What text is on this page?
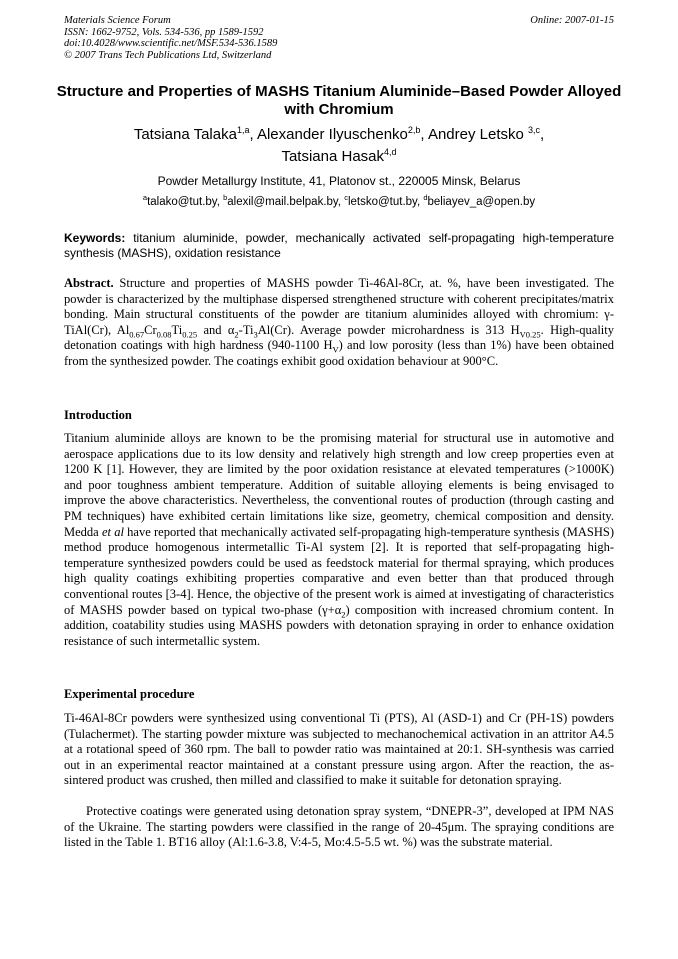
Materials Science Forum
ISSN: 1662-9752, Vols. 534-536, pp 1589-1592
doi:10.4028/www.scientific.net/MSF.534-536.1589
© 2007 Trans Tech Publications Ltd, Switzerland
Online: 2007-01-15
Structure and Properties of MASHS Titanium Aluminide–Based Powder Alloyed with Chromium
Tatsiana Talaka$^{1,a}$, Alexander Ilyuschenko$^{2,b}$, Andrey Letsko $^{3,c}$,
Tatsiana Hasak$^{4,d}$
Powder Metallurgy Institute, 41, Platonov st., 220005 Minsk, Belarus
$^a$talako@tut.by, $^b$alexil@mail.belpak.by, $^c$letsko@tut.by, $^d$beliayev_a@open.by
Keywords: titanium aluminide, powder, mechanically activated self-propagating high-temperature synthesis (MASHS), oxidation resistance
Abstract. Structure and properties of MASHS powder Ti-46Al-8Cr, at. %, have been investigated. The powder is characterized by the multiphase dispersed strengthened structure with coherent precipitates/matrix bonding. Main structural constituents of the powder are titanium aluminides alloyed with chromium: γ-TiAl(Cr), $Al_{0.67}Cr_{0.08}Ti_{0.25}$ and $\alpha_2-Ti_3Al(Cr)$. Average powder microhardness is 313 $H_{V0.25}$. High-quality detonation coatings with high hardness (940-1100 $H_V$) and low porosity (less than 1%) have been obtained from the synthesized powder. The coatings exhibit good oxidation behaviour at 900°C.
Introduction
Titanium aluminide alloys are known to be the promising material for structural use in automotive and aerospace applications due to its low density and relatively high strength and low creep properties even at 1200 K [1]. However, they are limited by the poor oxidation resistance at elevated temperatures (>1000K) and poor toughness ambient temperature. Addition of suitable alloying elements is being envisaged to improve the above characteristics. Nevertheless, the conventional routes of production (through casting and PM techniques) have exhibited certain limitations like size, geometry, chemical composition and density. Medda et al have reported that mechanically activated self-propagating high-temperature synthesis (MASHS) method produce homogenous intermetallic Ti-Al system [2]. It is reported that self-propagating high-temperature synthesized powders could be used as feedstock material for thermal spraying, which produces high quality coatings exhibiting properties comparative and even better than that produced through conventional routes [3-4]. Hence, the objective of the present work is aimed at investigating of characteristics of MASHS powder based on typical two-phase $(\gamma+\alpha_2)$ composition with increased chromium content. In addition, coatability studies using MASHS powders with detonation spraying in order to enhance oxidation resistance of such intermetallic system.
Experimental procedure
Ti-46Al-8Cr powders were synthesized using conventional Ti (PTS), Al (ASD-1) and Cr (PH-1S) powders (Tulachermet). The starting powder mixture was subjected to mechanochemical activation in an attritor A4.5 at a rotational speed of 360 rpm. The ball to powder ratio was maintained at 20:1. SH-synthesis was carried out in an experimental reactor maintained at a constant pressure using argon. After the reaction, the as-sintered product was crushed, then milled and classified to make it suitable for detonation spraying.
Protective coatings were generated using detonation spray system, “DNEPR-3”, developed at IPM NAS of the Ukraine. The starting powders were classified in the range of 20-45μm. The spraying conditions are listed in the Table 1. BT16 alloy (Al:1.6-3.8, V:4-5, Mo:4.5-5.5 wt. %) was the substrate material.
